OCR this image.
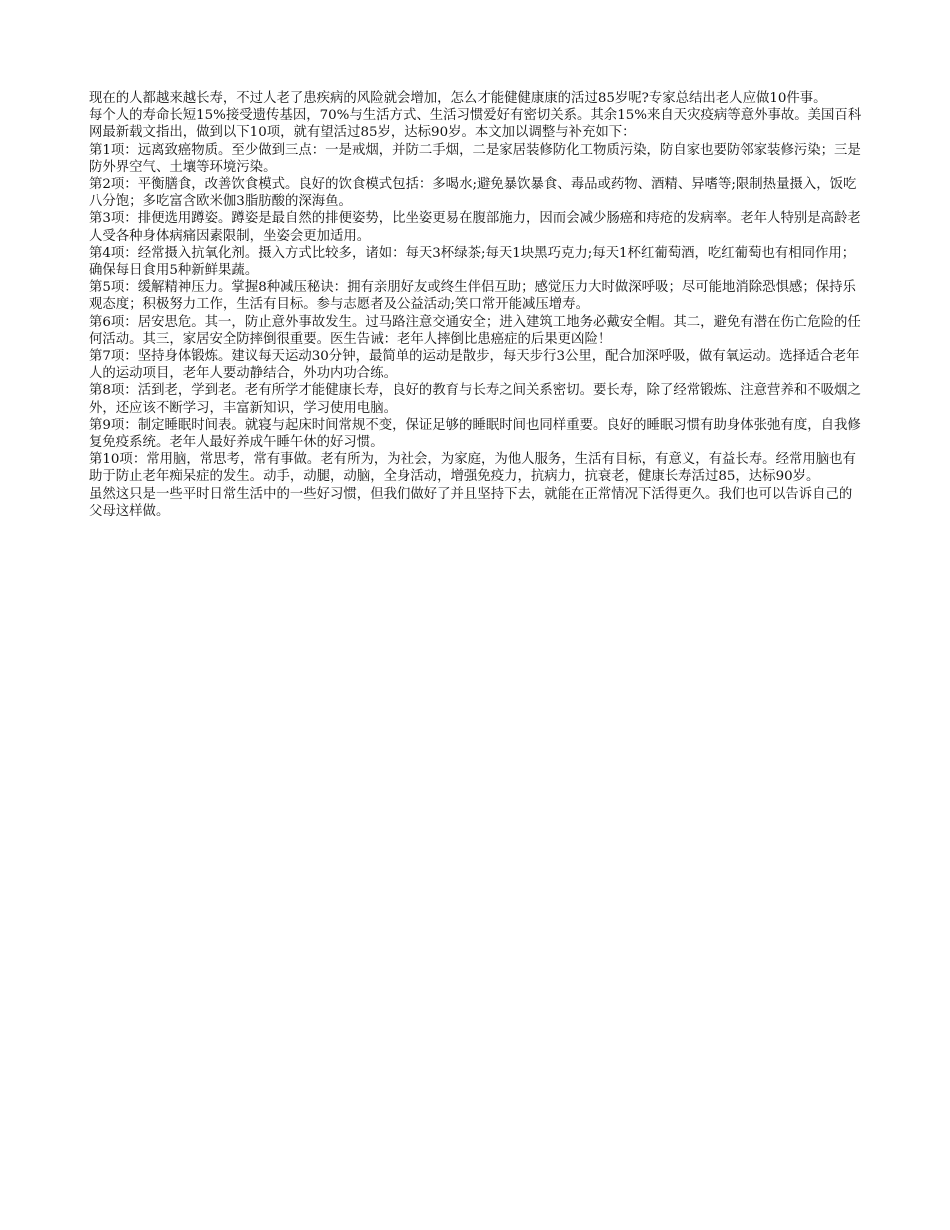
现在的人都越来越长寿，不过人老了患疾病的风险就会增加，怎么才能健健康康的活过85岁呢?专家总结出老人应做10件事。

每个人的寿命长短15%接受遗传基因，70%与生活方式、生活习惯爱好有密切关系。其余15%来自天灾疫病等意外事故。美国百科网最新载文指出，做到以下10项，就有望活过85岁，达标90岁。本文加以调整与补充如下：

第1项：远离致癌物质。至少做到三点：一是戒烟，并防二手烟，二是家居装修防化工物质污染，防自家也要防邻家装修污染；三是防外界空气、土壤等环境污染。

第2项：平衡膳食，改善饮食模式。良好的饮食模式包括：多喝水;避免暴饮暴食、毒品或药物、酒精、异嗜等;限制热量摄入，饭吃八分饱；多吃富含欧米伽3脂肪酸的深海鱼。

第3项：排便选用蹲姿。蹲姿是最自然的排便姿势，比坐姿更易在腹部施力，因而会减少肠癌和痔疮的发病率。老年人特别是高龄老人受各种身体病痛因素限制，坐姿会更加适用。

第4项：经常摄入抗氧化剂。摄入方式比较多，诸如：每天3杯绿茶;每天1块黑巧克力;每天1杯红葡萄酒，吃红葡萄也有相同作用；确保每日食用5种新鲜果蔬。

第5项：缓解精神压力。掌握8种减压秘诀：拥有亲朋好友或终生伴侣互助；感觉压力大时做深呼吸；尽可能地消除恐惧感；保持乐观态度；积极努力工作，生活有目标。参与志愿者及公益活动;笑口常开能减压增寿。

第6项：居安思危。其一，防止意外事故发生。过马路注意交通安全；进入建筑工地务必戴安全帽。其二，避免有潜在伤亡危险的任何活动。其三，家居安全防摔倒很重要。医生告诫：老年人摔倒比患癌症的后果更凶险！

第7项：坚持身体锻炼。建议每天运动30分钟，最简单的运动是散步，每天步行3公里，配合加深呼吸，做有氧运动。选择适合老年人的运动项目，老年人要动静结合，外功内功合练。

第8项：活到老，学到老。老有所学才能健康长寿，良好的教育与长寿之间关系密切。要长寿，除了经常锻炼、注意营养和不吸烟之外，还应该不断学习，丰富新知识，学习使用电脑。

第9项：制定睡眠时间表。就寝与起床时间常规不变，保证足够的睡眠时间也同样重要。良好的睡眠习惯有助身体张弛有度，自我修复免疫系统。老年人最好养成午睡午休的好习惯。

第10项：常用脑，常思考，常有事做。老有所为，为社会，为家庭，为他人服务，生活有目标，有意义，有益长寿。经常用脑也有助于防止老年痴呆症的发生。动手，动腿，动脑，全身活动，增强免疫力，抗病力，抗衰老，健康长寿活过85，达标90岁。

虽然这只是一些平时日常生活中的一些好习惯，但我们做好了并且坚持下去，就能在正常情况下活得更久。我们也可以告诉自己的父母这样做。
